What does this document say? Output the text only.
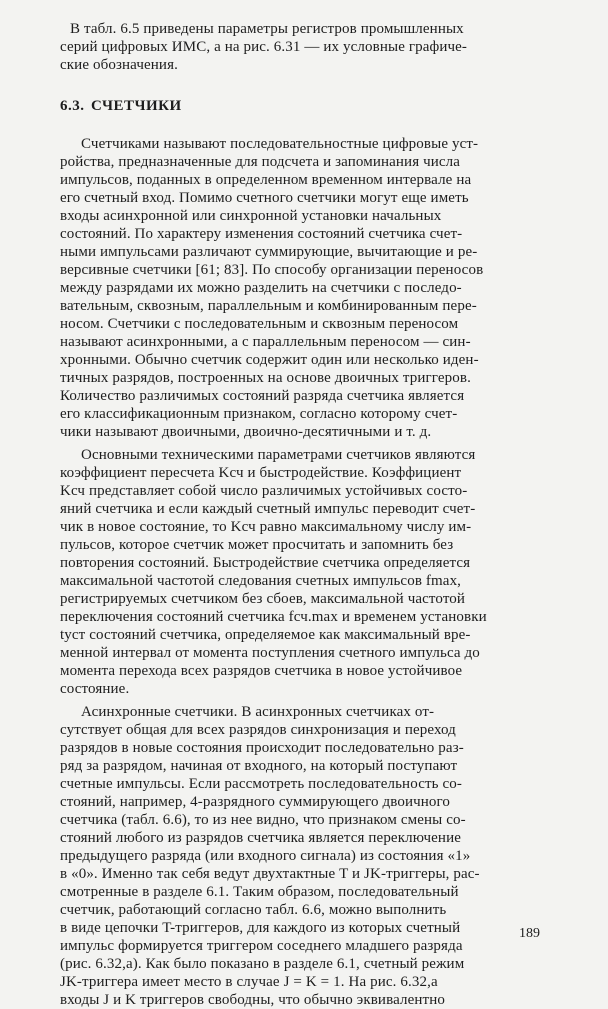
В табл. 6.5 приведены параметры регистров промышленных
серий цифровых ИМС, а на рис. 6.31 — их условные графиче-
ские обозначения.
6.3. СЧЕТЧИКИ
Счетчиками называют последовательностные цифровые уст-
ройства, предназначенные для подсчета и запоминания числа
импульсов, поданных в определенном временном интервале на
его счетный вход. Помимо счетного счетчики могут еще иметь
входы асинхронной или синхронной установки начальных
состояний. По характеру изменения состояний счетчика счет-
ными импульсами различают суммирующие, вычитающие и ре-
версивные счетчики [61; 83]. По способу организации переносов
между разрядами их можно разделить на счетчики с последо-
вательным, сквозным, параллельным и комбинированным пере-
носом. Счетчики с последовательным и сквозным переносом
называют асинхронными, а с параллельным переносом — син-
хронными. Обычно счетчик содержит один или несколько иден-
тичных разрядов, построенных на основе двоичных триггеров.
Количество различимых состояний разряда счетчика является
его классификационным признаком, согласно которому счет-
чики называют двоичными, двоично-десятичными и т. д.
Основными техническими параметрами счетчиков являются
коэффициент пересчета Kсч и быстродействие. Коэффициент
Kсч представляет собой число различимых устойчивых состо-
яний счетчика и если каждый счетный импульс переводит счет-
чик в новое состояние, то Kсч равно максимальному числу им-
пульсов, которое счетчик может просчитать и запомнить без
повторения состояний. Быстродействие счетчика определяется
максимальной частотой следования счетных импульсов fmax,
регистрируемых счетчиком без сбоев, максимальной частотой
переключения состояний счетчика fсч.max и временем установки
tуст состояний счетчика, определяемое как максимальный вре-
менной интервал от момента поступления счетного импульса до
момента перехода всех разрядов счетчика в новое устойчивое
состояние.
Асинхронные счетчики. В асинхронных счетчиках от-
сутствует общая для всех разрядов синхронизация и переход
разрядов в новые состояния происходит последовательно раз-
ряд за разрядом, начиная от входного, на который поступают
счетные импульсы. Если рассмотреть последовательность со-
стояний, например, 4-разрядного суммирующего двоичного
счетчика (табл. 6.6), то из нее видно, что признаком смены со-
стояний любого из разрядов счетчика является переключение
предыдущего разряда (или входного сигнала) из состояния «1»
в «0». Именно так себя ведут двухтактные T и JK-триггеры, рас-
смотренные в разделе 6.1. Таким образом, последовательный
счетчик, работающий согласно табл. 6.6, можно выполнить
в виде цепочки T-триггеров, для каждого из которых счетный
импульс формируется триггером соседнего младшего разряда
(рис. 6.32,а). Как было показано в разделе 6.1, счетный режим
JK-триггера имеет место в случае J = K = 1. На рис. 6.32,а
входы J и K триггеров свободны, что обычно эквивалентно
189
